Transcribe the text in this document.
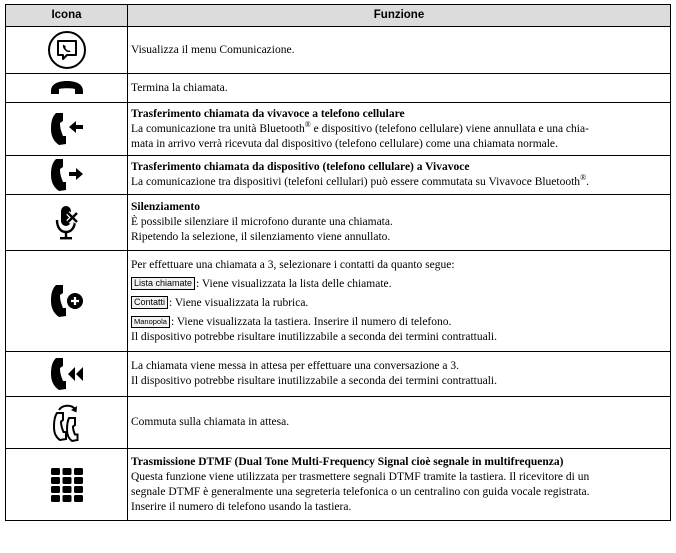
Icona	Funzione

Visualizza il menu Comunicazione.

Termina la chiamata.

Trasferimento chiamata da vivavoce a telefono cellulare
La comunicazione tra unità Bluetooth® e dispositivo (telefono cellulare) viene annullata e una chia-
mata in arrivo verrà ricevuta dal dispositivo (telefono cellulare) come una chiamata normale.

Trasferimento chiamata da dispositivo (telefono cellulare) a Vivavoce
La comunicazione tra dispositivi (telefoni cellulari) può essere commutata su Vivavoce Bluetooth®.

Silenziamento
È possibile silenziare il microfono durante una chiamata.
Ripetendo la selezione, il silenziamento viene annullato.

Per effettuare una chiamata a 3, selezionare i contatti da quanto segue:
Lista chiamate : Viene visualizzata la lista delle chiamate.
Contatti : Viene visualizzata la rubrica.
Manopola : Viene visualizzata la tastiera. Inserire il numero di telefono.
Il dispositivo potrebbe risultare inutilizzabile a seconda dei termini contrattuali.

La chiamata viene messa in attesa per effettuare una conversazione a 3.
Il dispositivo potrebbe risultare inutilizzabile a seconda dei termini contrattuali.

Commuta sulla chiamata in attesa.

Trasmissione DTMF (Dual Tone Multi-Frequency Signal cioè segnale in multifrequenza)
Questa funzione viene utilizzata per trasmettere segnali DTMF tramite la tastiera. Il ricevitore di un
segnale DTMF è generalmente una segreteria telefonica o un centralino con guida vocale registrata.
Inserire il numero di telefono usando la tastiera.
